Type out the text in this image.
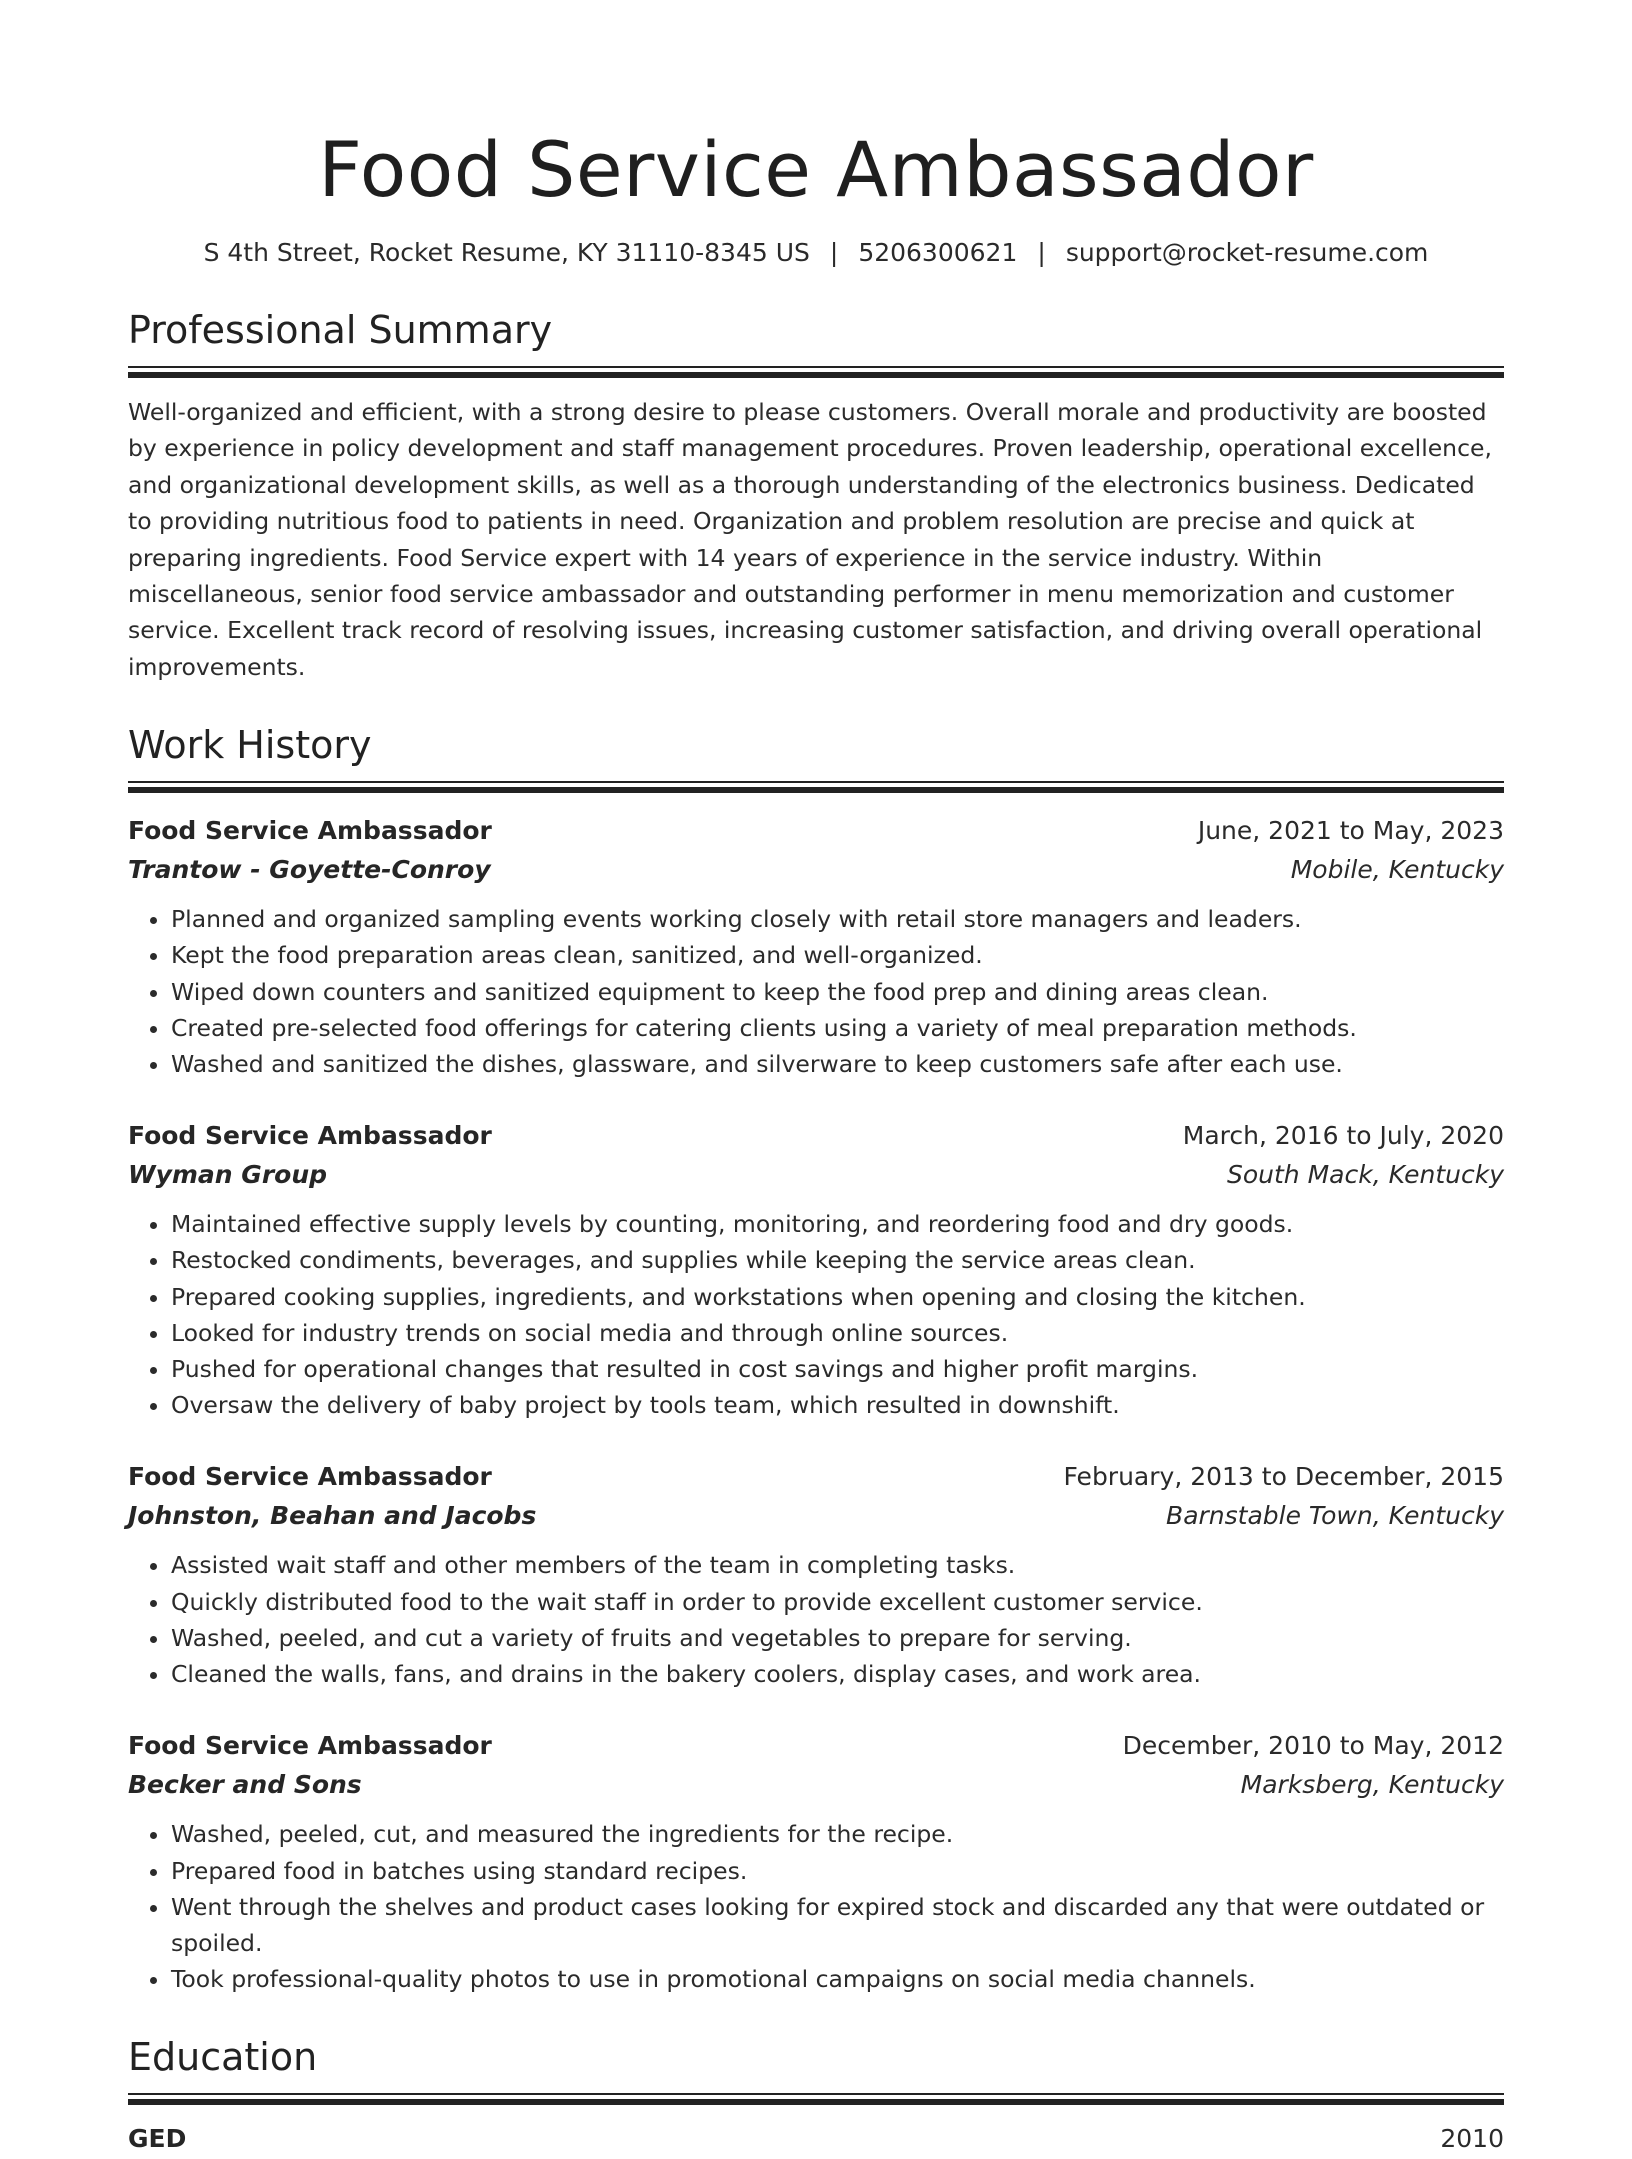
Food Service Ambassador
S 4th Street, Rocket Resume, KY 31110-8345 US | 5206300621 | support@rocket-resume.com
Professional Summary

Well-organized and efficient, with a strong desire to please customers. Overall morale and productivity are boosted by experience in policy development and staff management procedures. Proven leadership, operational excellence, and organizational development skills, as well as a thorough understanding of the electronics business. Dedicated to providing nutritious food to patients in need. Organization and problem resolution are precise and quick at preparing ingredients. Food Service expert with 14 years of experience in the service industry. Within miscellaneous, senior food service ambassador and outstanding performer in menu memorization and customer service. Excellent track record of resolving issues, increasing customer satisfaction, and driving overall operational improvements.

Work History
Food Service Ambassador	June, 2021 to May, 2023
Trantow - Goyette-Conroy	Mobile, Kentucky
• Planned and organized sampling events working closely with retail store managers and leaders.
• Kept the food preparation areas clean, sanitized, and well-organized.
• Wiped down counters and sanitized equipment to keep the food prep and dining areas clean.
• Created pre-selected food offerings for catering clients using a variety of meal preparation methods.
• Washed and sanitized the dishes, glassware, and silverware to keep customers safe after each use.
Food Service Ambassador	March, 2016 to July, 2020
Wyman Group	South Mack, Kentucky
• Maintained effective supply levels by counting, monitoring, and reordering food and dry goods.
• Restocked condiments, beverages, and supplies while keeping the service areas clean.
• Prepared cooking supplies, ingredients, and workstations when opening and closing the kitchen.
• Looked for industry trends on social media and through online sources.
• Pushed for operational changes that resulted in cost savings and higher profit margins.
• Oversaw the delivery of baby project by tools team, which resulted in downshift.
Food Service Ambassador	February, 2013 to December, 2015
Johnston, Beahan and Jacobs	Barnstable Town, Kentucky
• Assisted wait staff and other members of the team in completing tasks.
• Quickly distributed food to the wait staff in order to provide excellent customer service.
• Washed, peeled, and cut a variety of fruits and vegetables to prepare for serving.
• Cleaned the walls, fans, and drains in the bakery coolers, display cases, and work area.
Food Service Ambassador	December, 2010 to May, 2012
Becker and Sons	Marksberg, Kentucky
• Washed, peeled, cut, and measured the ingredients for the recipe.
• Prepared food in batches using standard recipes.
• Went through the shelves and product cases looking for expired stock and discarded any that were outdated or spoiled.
• Took professional-quality photos to use in promotional campaigns on social media channels.
Education
GED	2010
